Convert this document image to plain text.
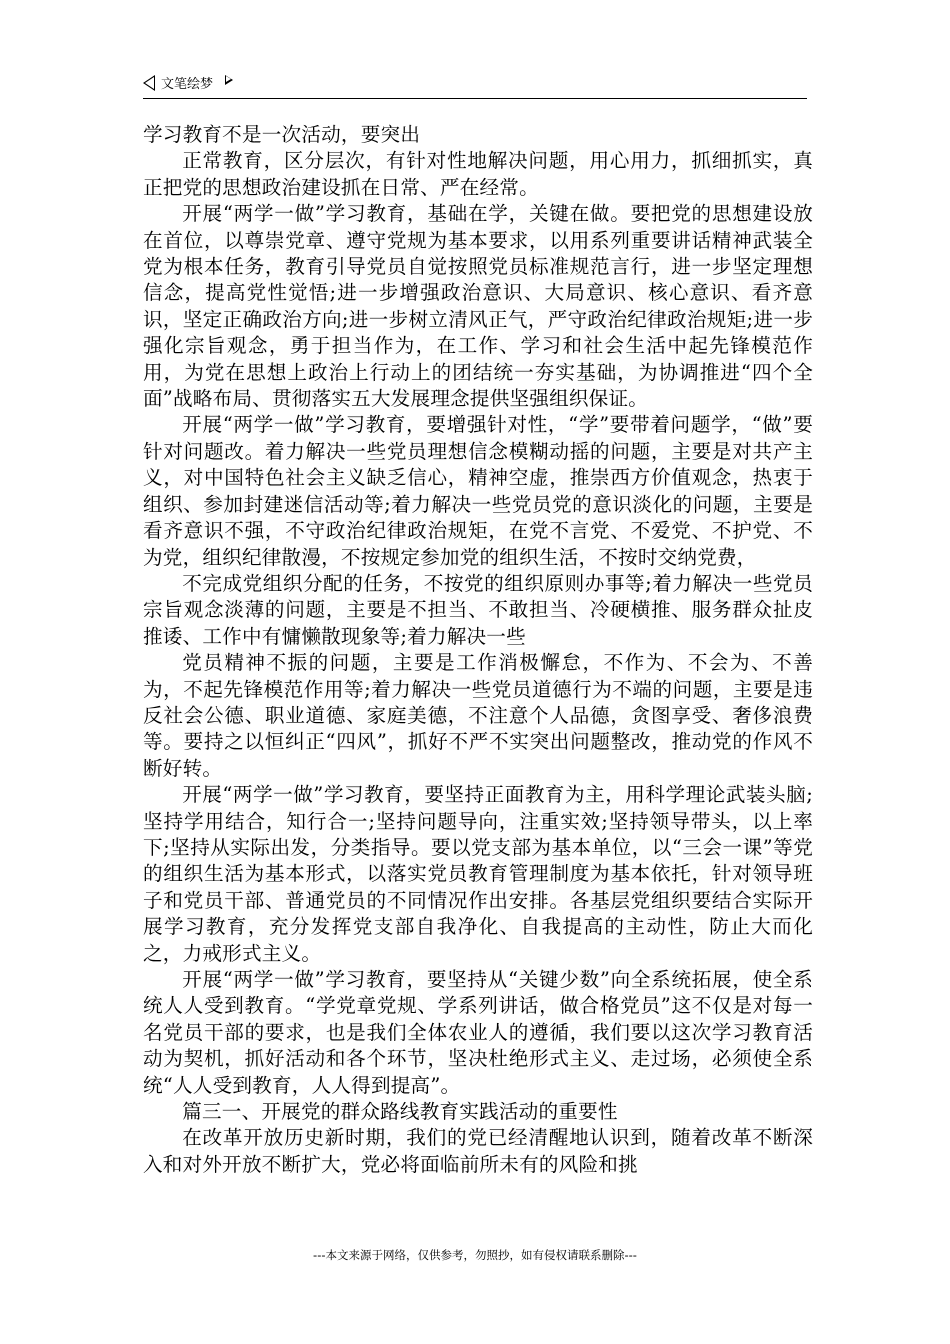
文笔绘梦

学习教育不是一次活动，要突出

正常教育，区分层次，有针对性地解决问题，用心用力，抓细抓实，真正把党的思想政治建设抓在日常、严在经常。

开展“两学一做”学习教育，基础在学，关键在做。要把党的思想建设放在首位，以尊崇党章、遵守党规为基本要求，以用系列重要讲话精神武装全党为根本任务，教育引导党员自觉按照党员标准规范言行，进一步坚定理想信念，提高党性觉悟;进一步增强政治意识、大局意识、核心意识、看齐意识，坚定正确政治方向;进一步树立清风正气，严守政治纪律政治规矩;进一步强化宗旨观念，勇于担当作为，在工作、学习和社会生活中起先锋模范作用，为党在思想上政治上行动上的团结统一夯实基础，为协调推进“四个全面”战略布局、贯彻落实五大发展理念提供坚强组织保证。

开展“两学一做”学习教育，要增强针对性，“学”要带着问题学，“做”要针对问题改。着力解决一些党员理想信念模糊动摇的问题，主要是对共产主义，对中国特色社会主义缺乏信心，精神空虚，推崇西方价值观念，热衷于组织、参加封建迷信活动等;着力解决一些党员党的意识淡化的问题，主要是看齐意识不强，不守政治纪律政治规矩，在党不言党、不爱党、不护党、不为党，组织纪律散漫，不按规定参加党的组织生活，不按时交纳党费，

不完成党组织分配的任务，不按党的组织原则办事等;着力解决一些党员宗旨观念淡薄的问题，主要是不担当、不敢担当、冷硬横推、服务群众扯皮推诿、工作中有慵懒散现象等;着力解决一些

党员精神不振的问题，主要是工作消极懈怠，不作为、不会为、不善为，不起先锋模范作用等;着力解决一些党员道德行为不端的问题，主要是违反社会公德、职业道德、家庭美德，不注意个人品德，贪图享受、奢侈浪费等。要持之以恒纠正“四风”，抓好不严不实突出问题整改，推动党的作风不断好转。

开展“两学一做”学习教育，要坚持正面教育为主，用科学理论武装头脑;坚持学用结合，知行合一;坚持问题导向，注重实效;坚持领导带头，以上率下;坚持从实际出发，分类指导。要以党支部为基本单位，以“三会一课”等党的组织生活为基本形式，以落实党员教育管理制度为基本依托，针对领导班子和党员干部、普通党员的不同情况作出安排。各基层党组织要结合实际开展学习教育，充分发挥党支部自我净化、自我提高的主动性，防止大而化之，力戒形式主义。

开展“两学一做”学习教育，要坚持从“关键少数”向全系统拓展，使全系统人人受到教育。“学党章党规、学系列讲话，做合格党员”这不仅是对每一名党员干部的要求，也是我们全体农业人的遵循，我们要以这次学习教育活动为契机，抓好活动和各个环节，坚决杜绝形式主义、走过场，必须使全系统“人人受到教育，人人得到提高”。

篇三一、开展党的群众路线教育实践活动的重要性

在改革开放历史新时期，我们的党已经清醒地认识到，随着改革不断深入和对外开放不断扩大，党必将面临前所未有的风险和挑

---本文来源于网络，仅供参考，勿照抄，如有侵权请联系删除---
